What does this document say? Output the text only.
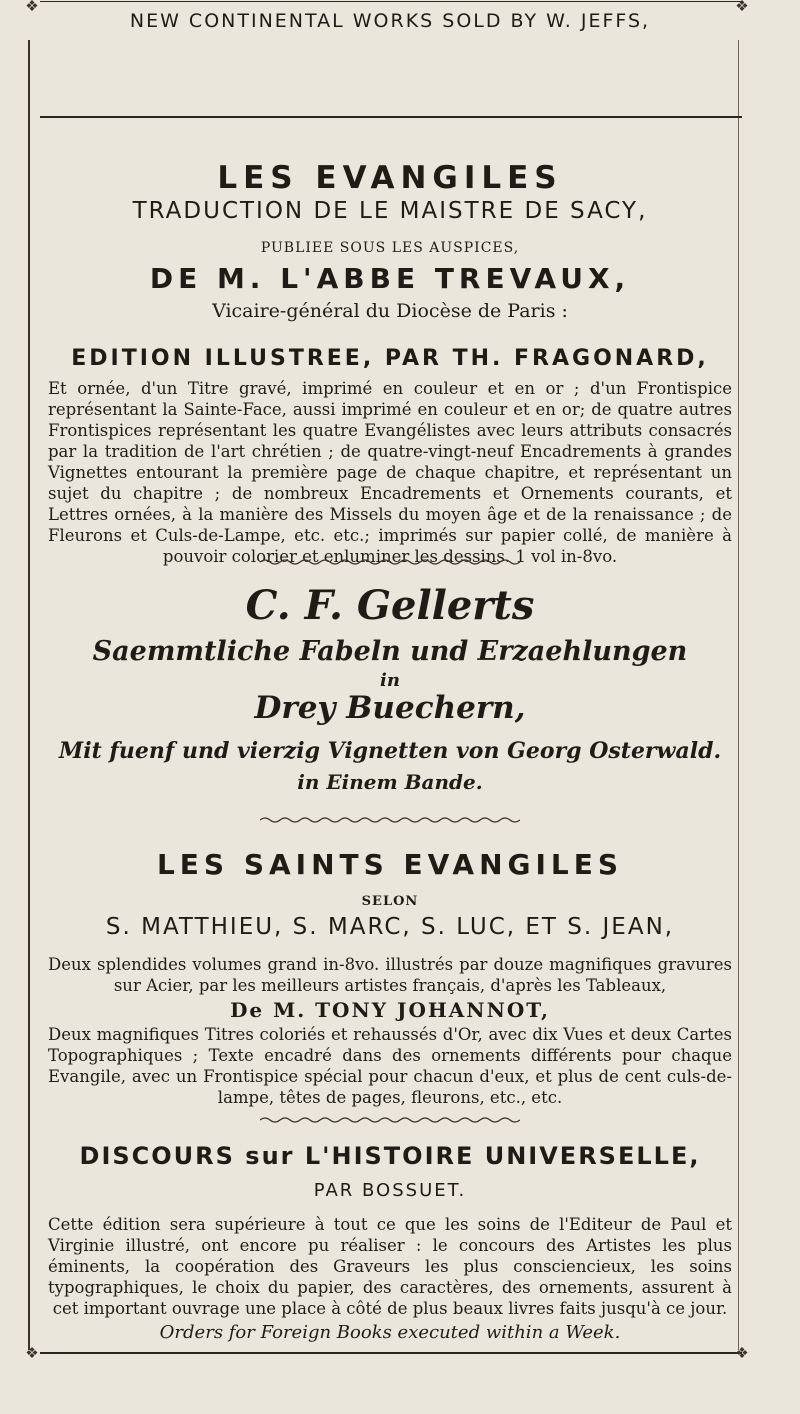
❖	❖
NEW CONTINENTAL WORKS SOLD BY W. JEFFS,
LES EVANGILES
TRADUCTION DE LE MAISTRE DE SACY,
PUBLIEE SOUS LES AUSPICES,
DE M. L'ABBE TREVAUX,
Vicaire-général du Diocèse de Paris :
EDITION ILLUSTREE, PAR TH. FRAGONARD,
Et ornée, d'un Titre gravé, imprimé en couleur et en or ; d'un Frontispice représentant la Sainte-Face, aussi imprimé en couleur et en or; de quatre autres Frontispices représentant les quatre Evangélistes avec leurs attributs consacrés par la tradition de l'art chrétien ; de quatre-vingt-neuf Encadrements à grandes Vignettes entourant la première page de chaque chapitre, et représentant un sujet du chapitre ; de nombreux Encadrements et Ornements courants, et Lettres ornées, à la manière des Missels du moyen âge et de la renaissance ; de Fleurons et Culs-de-Lampe, etc. etc.; imprimés sur papier collé, de manière à pouvoir colorier et enluminer les dessins. 1 vol in-8vo.
C. F. Gellerts
Saemmtliche Fabeln und Erzaehlungen
in
Drey Buechern,
Mit fuenf und vierzig Vignetten von Georg Osterwald.
in Einem Bande.
LES SAINTS EVANGILES
SELON
S. MATTHIEU, S. MARC, S. LUC, ET S. JEAN,
Deux splendides volumes grand in-8vo. illustrés par douze magnifiques gravures sur Acier, par les meilleurs artistes français, d'après les Tableaux,
De M. TONY JOHANNOT,
Deux magnifiques Titres coloriés et rehaussés d'Or, avec dix Vues et deux Cartes Topographiques ; Texte encadré dans des ornements différents pour chaque Evangile, avec un Frontispice spécial pour chacun d'eux, et plus de cent culs-de-lampe, têtes de pages, fleurons, etc., etc.
DISCOURS sur L'HISTOIRE UNIVERSELLE,
PAR BOSSUET.
Cette édition sera supérieure à tout ce que les soins de l'Editeur de Paul et Virginie illustré, ont encore pu réaliser : le concours des Artistes les plus éminents, la coopération des Graveurs les plus consciencieux, les soins typographiques, le choix du papier, des caractères, des ornements, assurent à cet important ouvrage une place à côté de plus beaux livres faits jusqu'à ce jour.
Orders for Foreign Books executed within a Week.
❖	❖
